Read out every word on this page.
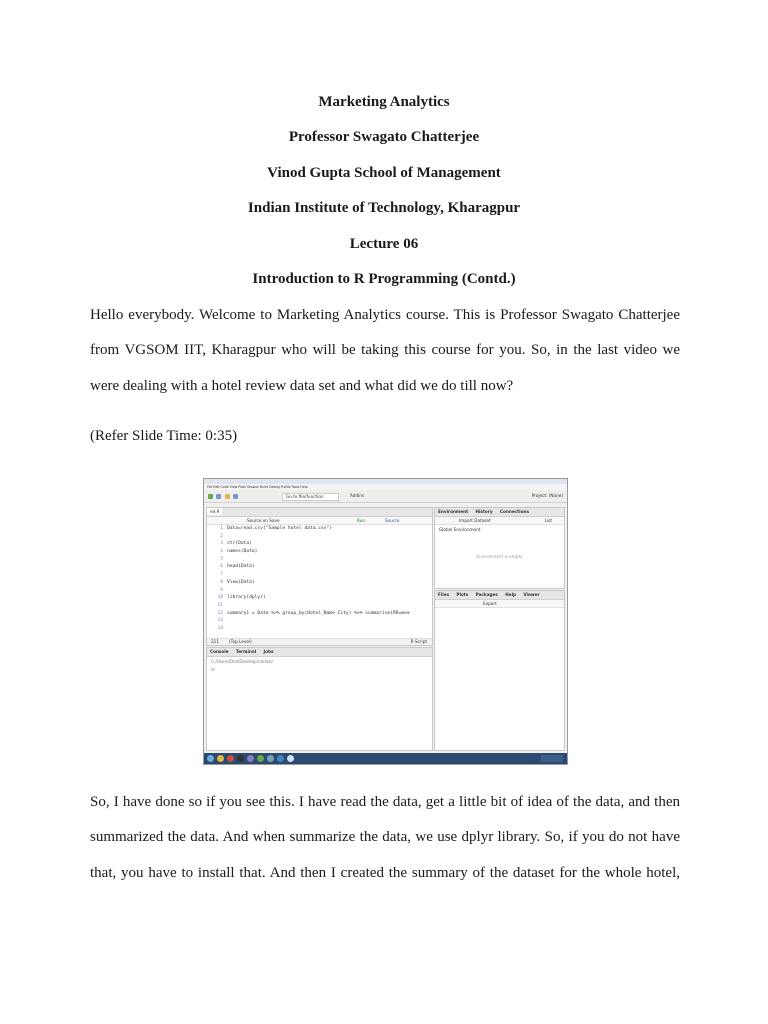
Marketing Analytics
Professor Swagato Chatterjee
Vinod Gupta School of Management
Indian Institute of Technology, Kharagpur
Lecture 06
Introduction to R Programming (Contd.)
Hello everybody. Welcome to Marketing Analytics course. This is Professor Swagato Chatterjee
from VGSOM IIT, Kharagpur who will be taking this course for you. So, in the last video we
were dealing with a hotel review data set and what did we do till now?
(Refer Slide Time: 0:35)
File Edit Code View Plots Session Build Debug Profile Tools Help

Go to file/function	Addins	Project: (None)
ed.R
Source on Save	Run	Source
1 Data=read.csv("Sample hotel data.csv")
2
3 str(Data)
4 names(Data)
5
6 head(Data)
7
8 View(Data)
9
10 library(dplyr)
11
12 summary1 = Data %>% group_by(Hotel_Name_City) %>% summarise(RR=mea
13
14
211 (Top Level)	R Script
Console Terminal Jobs
C:/Users/Dell/Desktop/mktan/
>
Environment History Connections
Import Dataset	List
Global Environment
Environment is empty
Files Plots Packages Help Viewer
Export
So, I have done so if you see this. I have read the data, get a little bit of idea of the data, and then
summarized the data. And when summarize the data, we use dplyr library. So, if you do not have
that, you have to install that. And then I created the summary of the dataset for the whole hotel,
